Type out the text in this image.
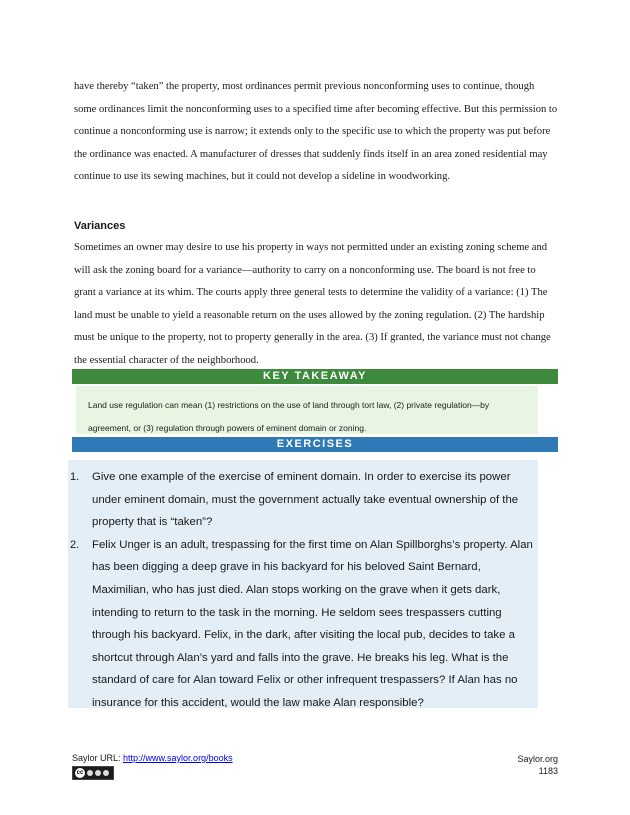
have thereby “taken” the property, most ordinances permit previous nonconforming uses to continue, though some ordinances limit the nonconforming uses to a specified time after becoming effective. But this permission to continue a nonconforming use is narrow; it extends only to the specific use to which the property was put before the ordinance was enacted. A manufacturer of dresses that suddenly finds itself in an area zoned residential may continue to use its sewing machines, but it could not develop a sideline in woodworking.

Variances

Sometimes an owner may desire to use his property in ways not permitted under an existing zoning scheme and will ask the zoning board for a variance—authority to carry on a nonconforming use. The board is not free to grant a variance at its whim. The courts apply three general tests to determine the validity of a variance: (1) The land must be unable to yield a reasonable return on the uses allowed by the zoning regulation. (2) The hardship must be unique to the property, not to property generally in the area. (3) If granted, the variance must not change the essential character of the neighborhood.

KEY TAKEAWAY
Land use regulation can mean (1) restrictions on the use of land through tort law, (2) private regulation—by agreement, or (3) regulation through powers of eminent domain or zoning.
EXERCISES
1. Give one example of the exercise of eminent domain. In order to exercise its power under eminent domain, must the government actually take eventual ownership of the property that is “taken”?
2. Felix Unger is an adult, trespassing for the first time on Alan Spillborghs’s property. Alan has been digging a deep grave in his backyard for his beloved Saint Bernard, Maximilian, who has just died. Alan stops working on the grave when it gets dark, intending to return to the task in the morning. He seldom sees trespassers cutting through his backyard. Felix, in the dark, after visiting the local pub, decides to take a shortcut through Alan’s yard and falls into the grave. He breaks his leg. What is the standard of care for Alan toward Felix or other infrequent trespassers? If Alan has no insurance for this accident, would the law make Alan responsible?
Saylor URL: http://www.saylor.org/books
cc
Saylor.org
1183
